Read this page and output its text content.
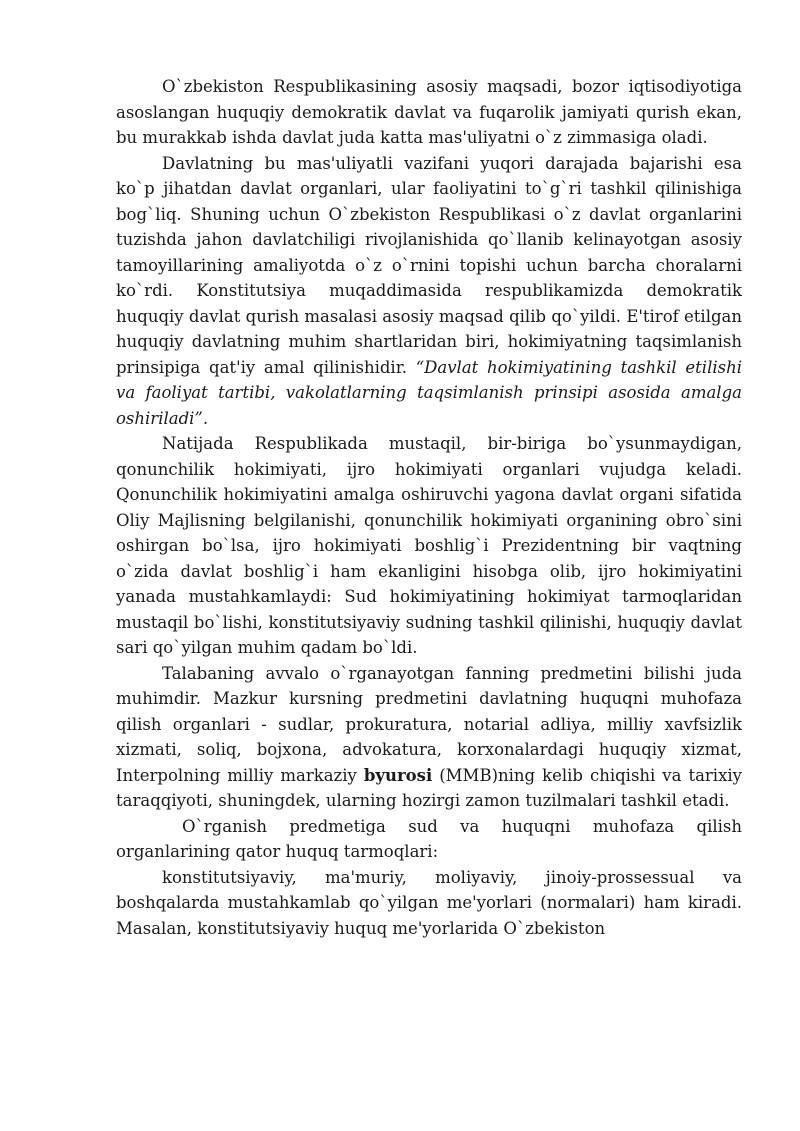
O`zbekiston Respublikasining asosiy maqsadi, bozor iqtisodiyotiga asoslangan huquqiy demokratik davlat va fuqarolik jamiyati qurish ekan, bu murakkab ishda davlat juda katta mas'uliyatni o`z zimmasiga oladi.

Davlatning bu mas'uliyatli vazifani yuqori darajada bajarishi esa ko`p jihatdan davlat organlari, ular faoliyatini to`g`ri tashkil qilinishiga bog`liq. Shuning uchun O`zbekiston Respublikasi o`z davlat organlarini tuzishda jahon davlatchiligi rivojlanishida qo`llanib kelinayotgan asosiy tamoyillarining amaliyotda o`z o`rnini topishi uchun barcha choralarni ko`rdi. Konstitutsiya muqaddimasida respublikamizda demokratik huquqiy davlat qurish masalasi asosiy maqsad qilib qo`yildi. E'tirof etilgan huquqiy davlatning muhim shartlaridan biri, hokimiyatning taqsimlanish prinsipiga qat'iy amal qilinishidir. “Davlat hokimiyatining tashkil etilishi va faoliyat tartibi, vakolatlarning taqsimlanish prinsipi asosida amalga oshiriladi”.

Natijada Respublikada mustaqil, bir-biriga bo`ysunmaydigan, qonunchilik hokimiyati, ijro hokimiyati organlari vujudga keladi. Qonunchilik hokimiyatini amalga oshiruvchi yagona davlat organi sifatida Oliy Majlisning belgilanishi, qonunchilik hokimiyati organining obro`sini oshirgan bo`lsa, ijro hokimiyati boshlig`i Prezidentning bir vaqtning o`zida davlat boshlig`i ham ekanligini hisobga olib, ijro hokimiyatini yanada mustahkamlaydi: Sud hokimiyatining hokimiyat tarmoqlaridan mustaqil bo`lishi, konstitutsiyaviy sudning tashkil qilinishi, huquqiy davlat sari qo`yilgan muhim qadam bo`ldi.

Talabaning avvalo o`rganayotgan fanning predmetini bilishi juda muhimdir. Mazkur kursning predmetini davlatning huquqni muhofaza qilish organlari - sudlar, prokuratura, notarial adliya, milliy xavfsizlik xizmati, soliq, bojxona, advokatura, korxonalardagi huquqiy xizmat, Interpolning milliy markaziy byurosi (MMB)ning kelib chiqishi va tarixiy taraqqiyoti, shuningdek, ularning hozirgi zamon tuzilmalari tashkil etadi.

O`rganish predmetiga sud va huquqni muhofaza qilish organlarining qator huquq tarmoqlari:

konstitutsiyaviy, ma'muriy, moliyaviy, jinoiy-prossessual va boshqalarda mustahkamlab qo`yilgan me'yorlari (normalari) ham kiradi. Masalan, konstitutsiyaviy huquq me'yorlarida O`zbekiston
